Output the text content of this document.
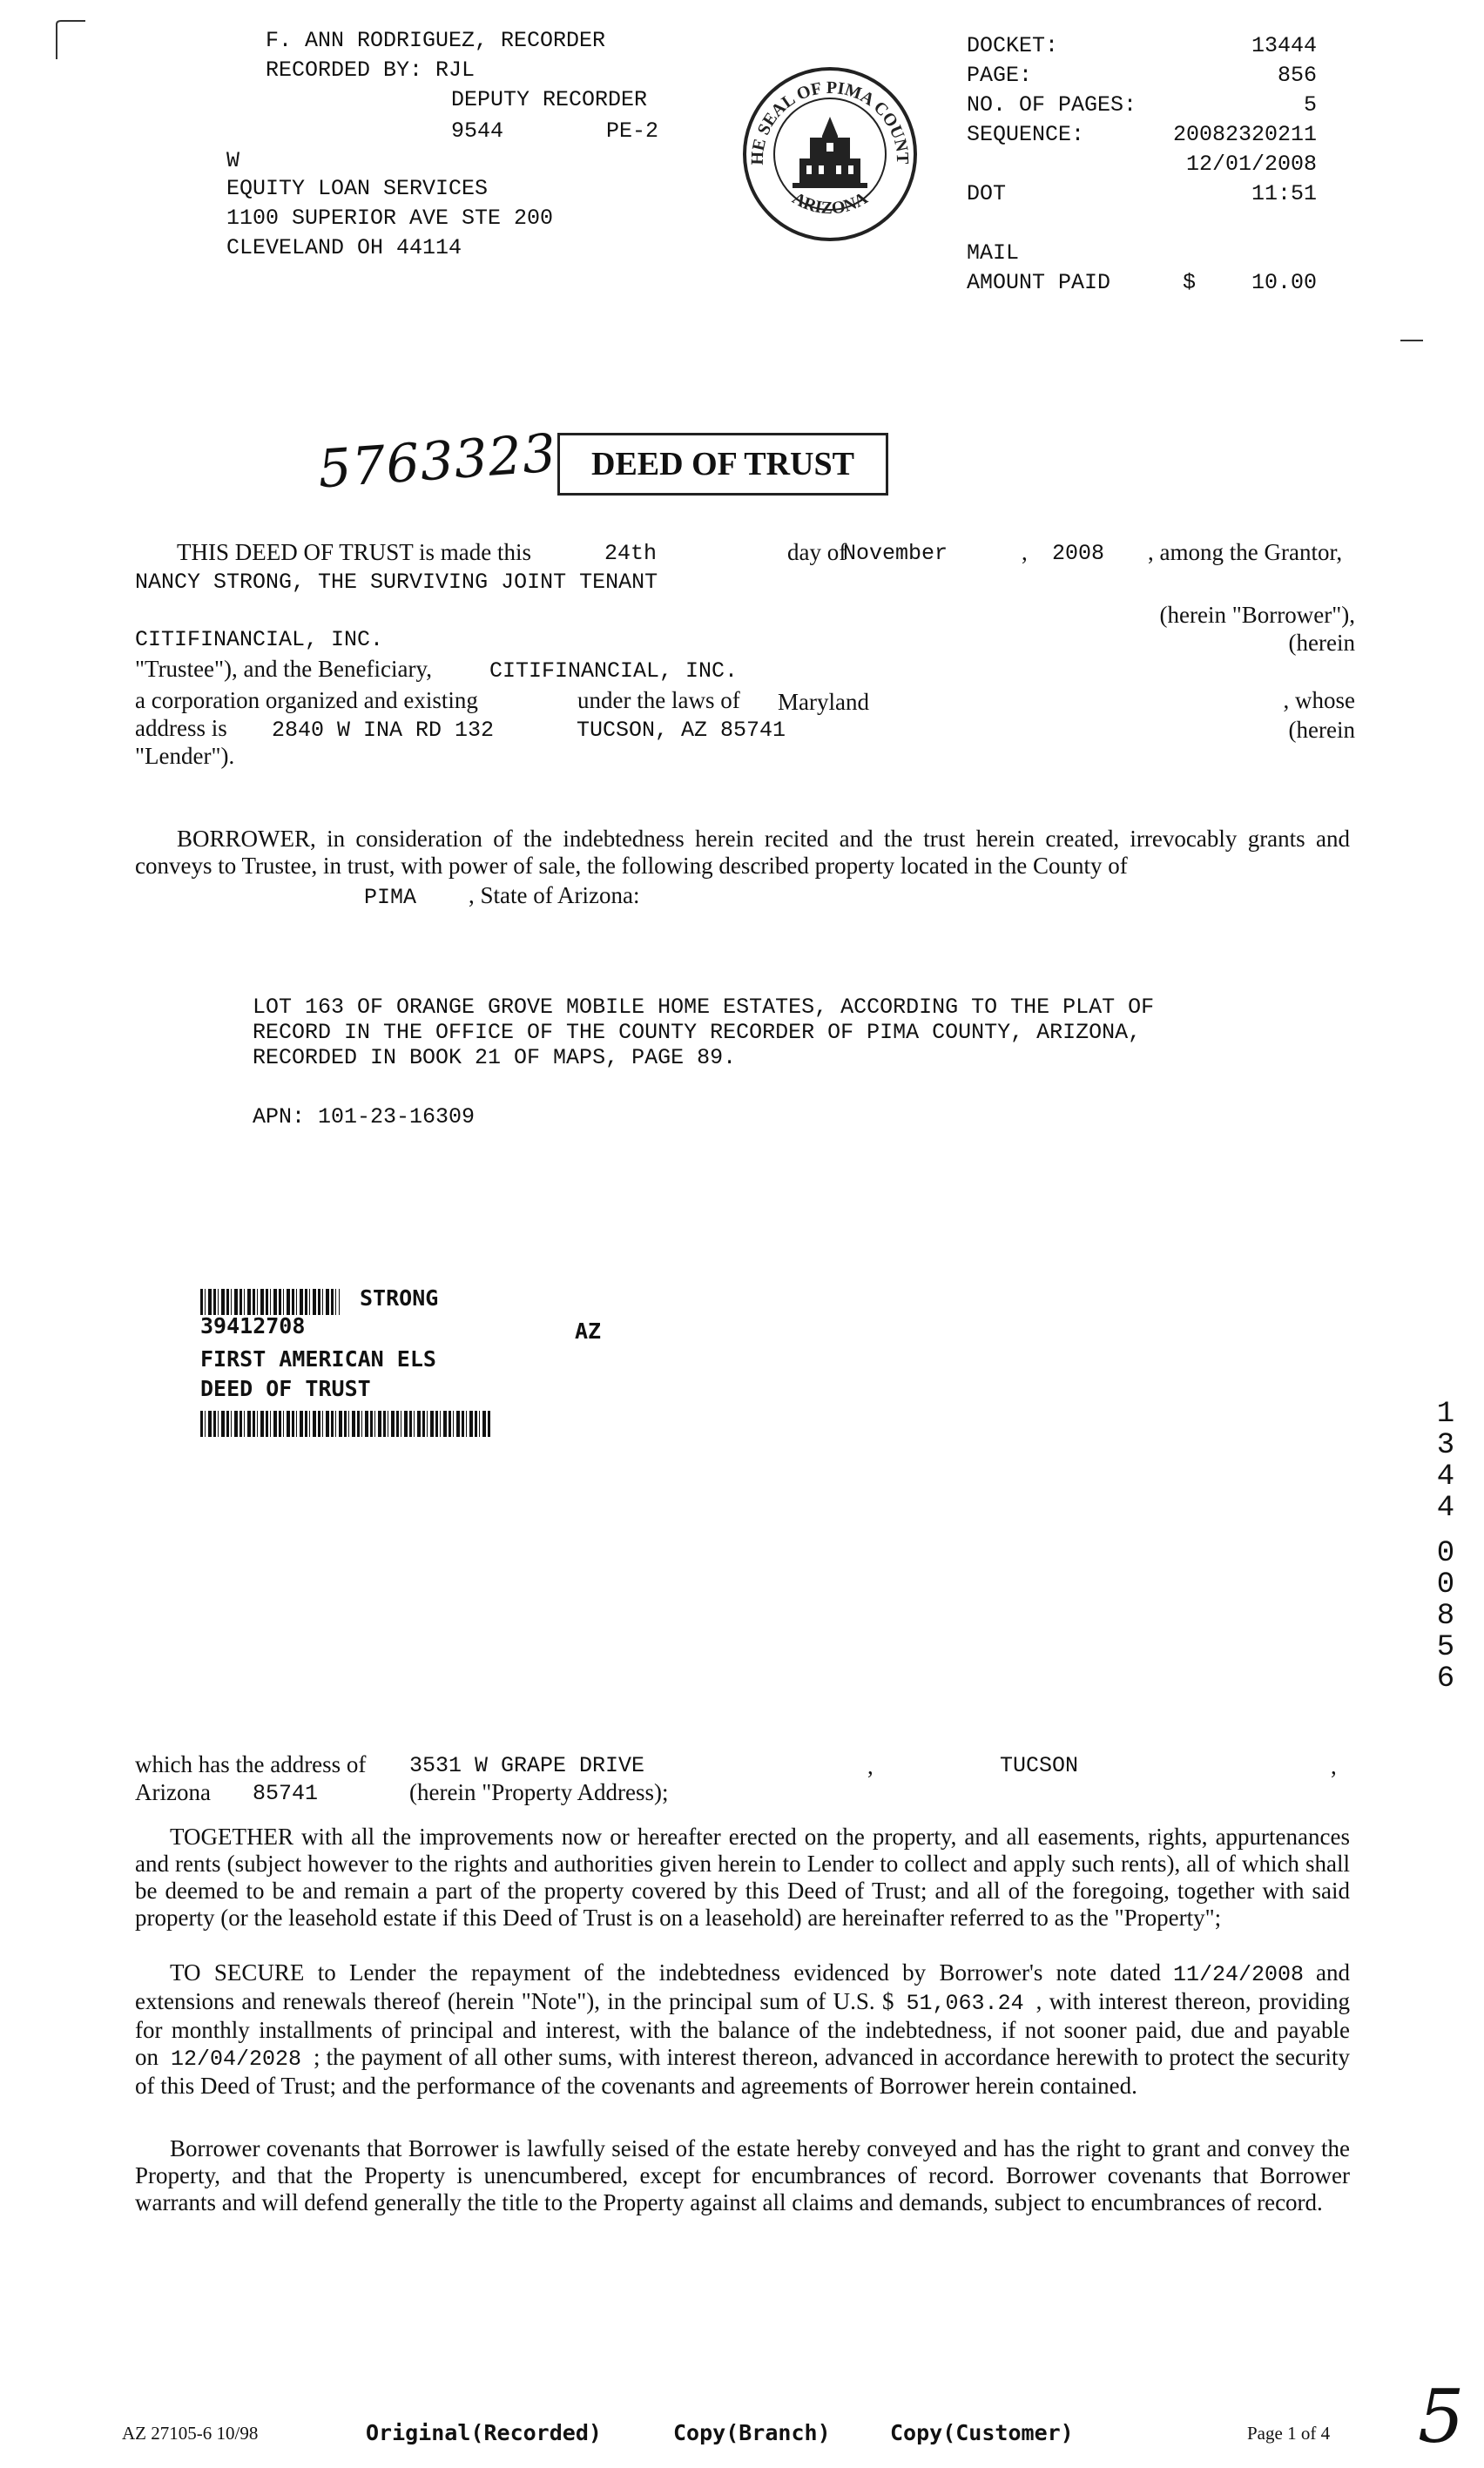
F. ANN RODRIGUEZ, RECORDER
RECORDED BY: RJL
DEPUTY RECORDER
9544	PE-2
W
EQUITY LOAN SERVICES
1100 SUPERIOR AVE STE 200
CLEVELAND OH 44114
HE SEAL OF PIMA COUNT
ARIZONA
DOCKET:	13444
PAGE:	856
NO. OF PAGES:	5
SEQUENCE:	20082320211
12/01/2008
DOT	11:51
MAIL
AMOUNT PAID	$	10.00
5763323 DEED OF TRUST
THIS DEED OF TRUST is made this	24th	day of
November	, 2008 , among the Grantor,
NANCY STRONG, THE SURVIVING JOINT TENANT
(herein "Borrower"),
CITIFINANCIAL, INC.	(herein
"Trustee"), and the Beneficiary,	CITIFINANCIAL, INC.
a corporation organized and existing	under the laws of Maryland	, whose
address is 2840 W INA RD 132	TUCSON, AZ 85741	(herein
"Lender").
BORROWER, in consideration of the indebtedness herein recited and the trust herein created, irrevocably grants and conveys to Trustee, in trust, with power of sale, the following described property located in the County of
PIMA , State of Arizona:
LOT 163 OF ORANGE GROVE MOBILE HOME ESTATES, ACCORDING TO THE PLAT OF
RECORD IN THE OFFICE OF THE COUNTY RECORDER OF PIMA COUNTY, ARIZONA,
RECORDED IN BOOK 21 OF MAPS, PAGE 89.
APN: 101-23-16309
STRONG
39412708	AZ
FIRST AMERICAN ELS
DEED OF TRUST
1
3
4
4
0
0
8
5
6
which has the address of 3531 W GRAPE DRIVE	,	TUCSON	,
Arizona 85741	(herein "Property Address);
TOGETHER with all the improvements now or hereafter erected on the property, and all easements, rights, appurtenances and rents (subject however to the rights and authorities given herein to Lender to collect and apply such rents), all of which shall be deemed to be and remain a part of the property covered by this Deed of Trust; and all of the foregoing, together with said property (or the leasehold estate if this Deed of Trust is on a leasehold) are hereinafter referred to as the "Property";
TO SECURE to Lender the repayment of the indebtedness evidenced by Borrower's note dated 11/24/2008 and extensions and renewals thereof (herein "Note"), in the principal sum of U.S. $ 51,063.24 , with interest thereon, providing for monthly installments of principal and interest, with the balance of the indebtedness, if not sooner paid, due and payable on 12/04/2028 ; the payment of all other sums, with interest thereon, advanced in accordance herewith to protect the security of this Deed of Trust; and the performance of the covenants and agreements of Borrower herein contained.
Borrower covenants that Borrower is lawfully seised of the estate hereby conveyed and has the right to grant and convey the Property, and that the Property is unencumbered, except for encumbrances of record. Borrower covenants that Borrower warrants and will defend generally the title to the Property against all claims and demands, subject to encumbrances of record.
AZ 27105-6 10/98	Original(Recorded)	Copy(Branch)	Copy(Customer)	Page 1 of 4 5
